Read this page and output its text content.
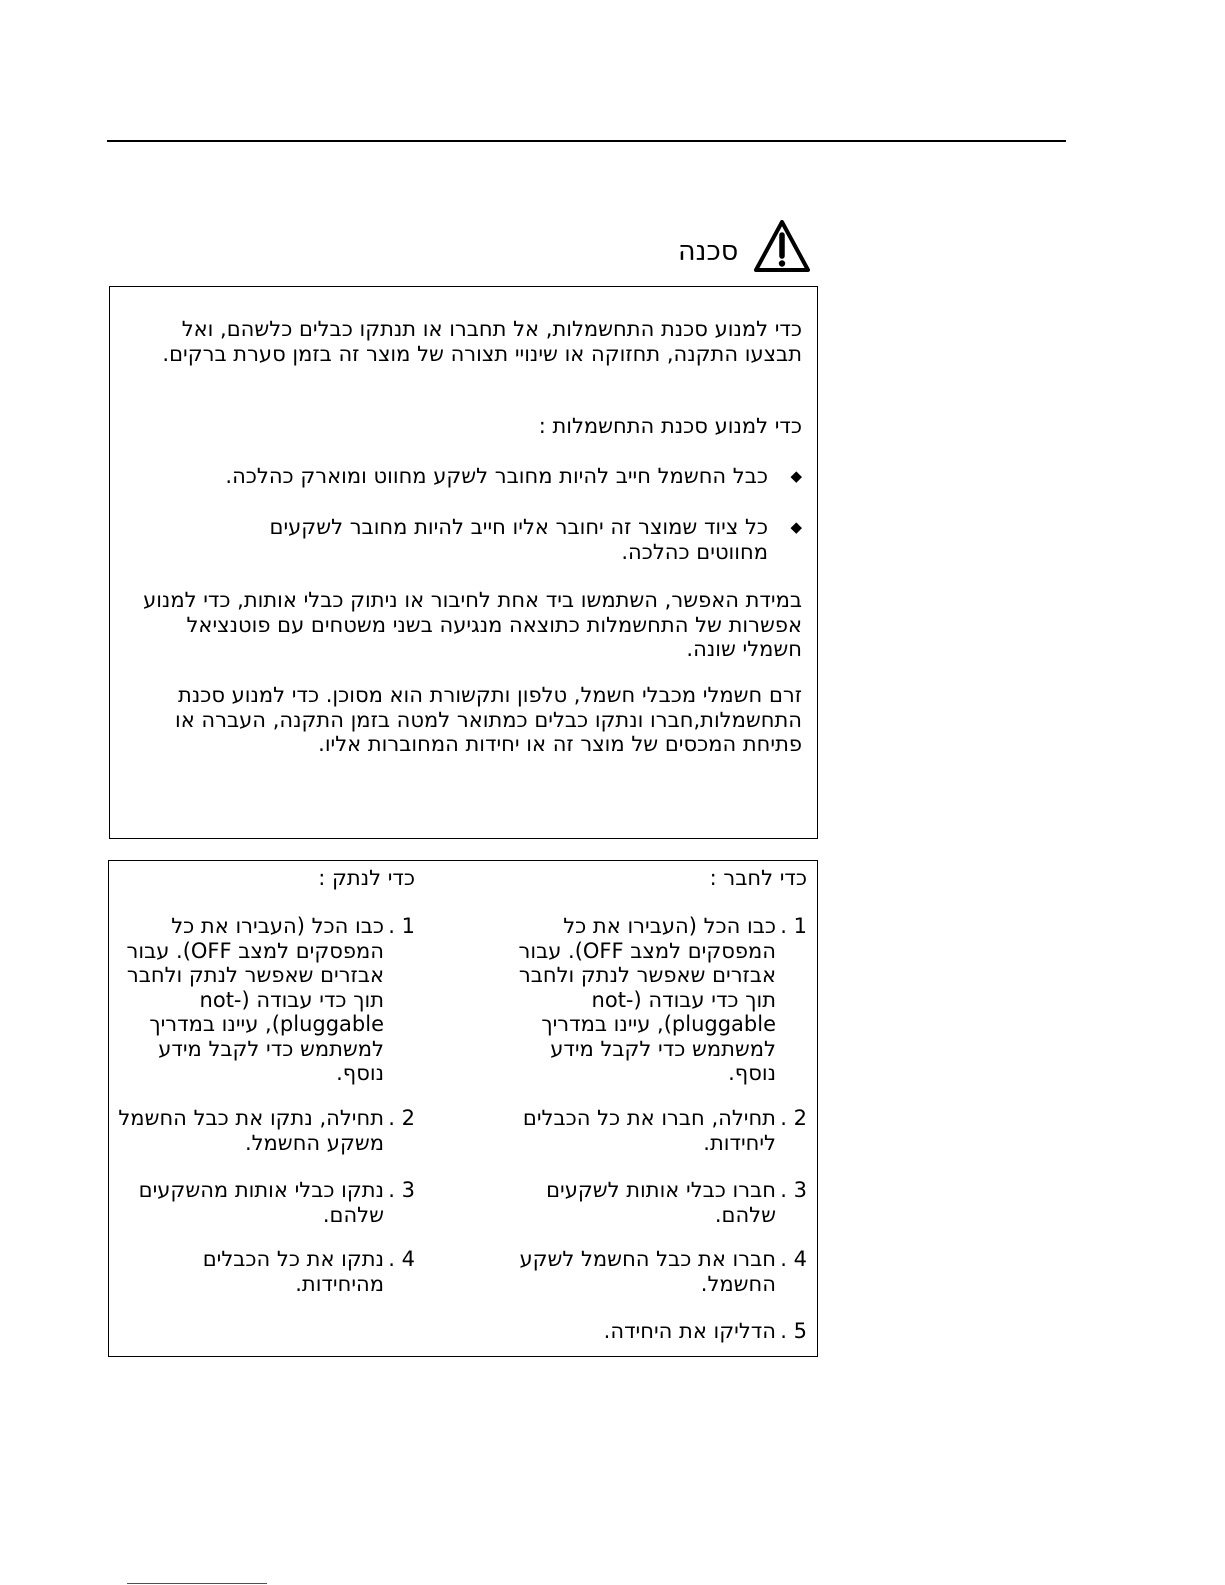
סכנה

כדי למנוע סכנת התחשמלות, אל תחברו או תנתקו כבלים כלשהם, ואל תבצעו התקנה, תחזוקה או שינויי תצורה של מוצר זה בזמן סערת ברקים.

כדי למנוע סכנת התחשמלות :

◆
כבל החשמל חייב להיות מחובר לשקע מחווט ומוארק כהלכה.
◆
כל ציוד שמוצר זה יחובר אליו חייב להיות מחובר לשקעים מחווטים כהלכה.

במידת האפשר, השתמשו ביד אחת לחיבור או ניתוק כבלי אותות, כדי למנוע אפשרות של התחשמלות כתוצאה מנגיעה בשני משטחים עם פוטנציאל חשמלי שונה.

זרם חשמלי מכבלי חשמל, טלפון ותקשורת הוא מסוכן. כדי למנוע סכנת התחשמלות,חברו ונתקו כבלים כמתואר למטה בזמן התקנה, העברה או פתיחת המכסים של מוצר זה או יחידות המחוברות אליו.

כדי לחבר :
1 .
כבו הכל (העבירו את כל המפסקים למצב OFF). עבור אבזרים שאפשר לנתק ולחבר תוך כדי עבודה (not-pluggable), עיינו במדריך למשתמש כדי לקבל מידע נוסף.
2 .
תחילה, חברו את כל הכבלים ליחידות.
3 .
חברו כבלי אותות לשקעים שלהם.
4 .
חברו את כבל החשמל לשקע החשמל.
5 .
הדליקו את היחידה.
כדי לנתק :
1 .
כבו הכל (העבירו את כל המפסקים למצב OFF). עבור אבזרים שאפשר לנתק ולחבר תוך כדי עבודה (not-pluggable), עיינו במדריך למשתמש כדי לקבל מידע נוסף.
2 .
תחילה, נתקו את כבל החשמל משקע החשמל.
3 .
נתקו כבלי אותות מהשקעים שלהם.
4 .
נתקו את כל הכבלים מהיחידות.
